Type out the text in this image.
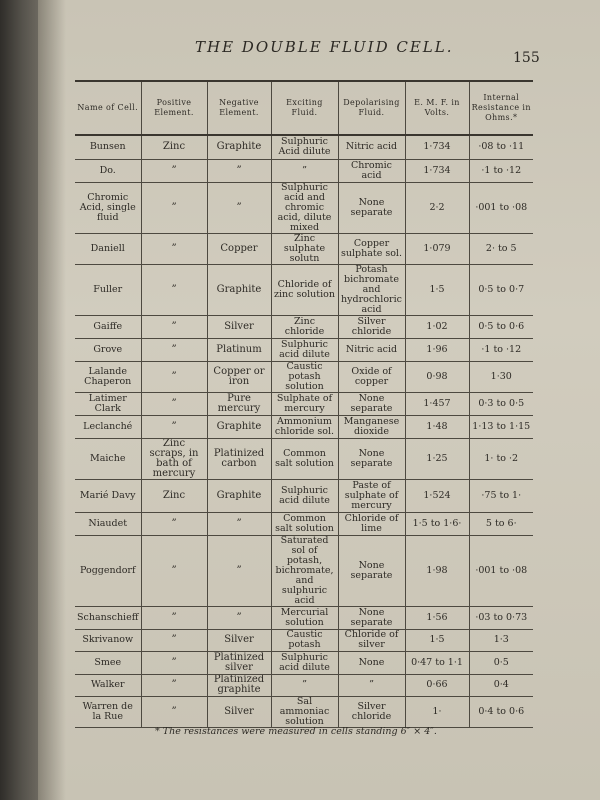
THE DOUBLE FLUID CELL.
155
Name of Cell.	Positive Element.	Negative Element.	Exciting Fluid.	Depolarising Fluid.	E. M. F. in Volts.	Internal Resistance in Ohms.*
Bunsen	Zinc	Graphite	Sulphuric Acid dilute	Nitric acid	1·734	·08 to ·11
Do.	”	”	”	Chromic acid	1·734	·1 to ·12
Chromic Acid, single fluid	”	”	Sulphuric acid and chromic acid, dilute mixed	None separate	2·2	·001 to ·08
Daniell	”	Copper	Zinc sulphate solutn	Copper sulphate sol.	1·079	2· to 5
Fuller	”	Graphite	Chloride of zinc solution	Potash bichromate and hydrochloric acid	1·5	0·5 to 0·7
Gaiffe	”	Silver	Zinc chloride	Silver chloride	1·02	0·5 to 0·6
Grove	”	Platinum	Sulphuric acid dilute	Nitric acid	1·96	·1 to ·12
Lalande Chaperon	”	Copper or iron	Caustic potash solution	Oxide of copper	0·98	1·30
Latimer Clark	”	Pure mercury	Sulphate of mercury	None separate	1·457	0·3 to 0·5
Leclanché	”	Graphite	Ammonium chloride sol.	Manganese dioxide	1·48	1·13 to 1·15
Maiche	Zinc scraps, in bath of mercury	Platinized carbon	Common salt solution	None separate	1·25	1· to ·2
Marié Davy	Zinc	Graphite	Sulphuric acid dilute	Paste of sulphate of mercury	1·524	·75 to 1·
Niaudet	”	”	Common salt solution	Chloride of lime	1·5 to 1·6·	5 to 6·
Poggendorf	”	”	Saturated sol of potash, bichromate, and sulphuric acid	None separate	1·98	·001 to ·08
Schanschieff	”	”	Mercurial solution	None separate	1·56	·03 to 0·73
Skrivanow	”	Silver	Caustic potash	Chloride of silver	1·5	1·3
Smee	”	Platinized silver	Sulphuric acid dilute	None	0·47 to 1·1	0·5
Walker	”	Platinized graphite	”	”	0·66	0·4
Warren de la Rue	”	Silver	Sal ammoniac solution	Silver chloride	1·	0·4 to 0·6
* The resistances were measured in cells standing 6″ × 4″.
